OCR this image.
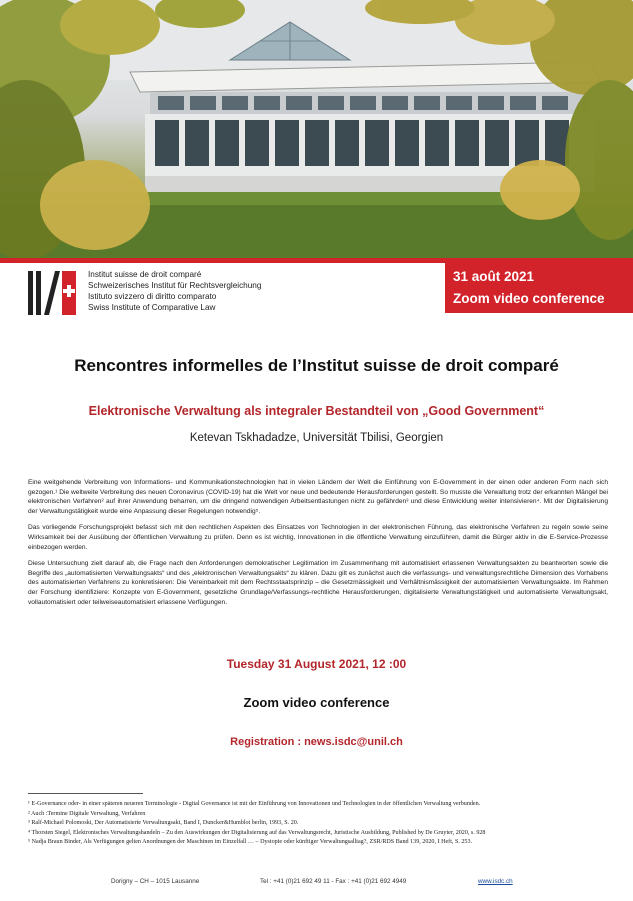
Institut suisse de droit comparé
Schweizerisches Institut für Rechtsvergleichung
Istituto svizzero di diritto comparato
Swiss Institute of Comparative Law
31 août 2021
Zoom video conference
Rencontres informelles de l’Institut suisse de droit comparé
Elektronische Verwaltung als integraler Bestandteil von „Good Government“
Ketevan Tskhadadze, Universität Tbilisi, Georgien

Eine weitgehende Verbreitung von Informations- und Kommunikationstechnologien hat in vielen Ländern der Welt die Einführung von E-Government in der einen oder anderen Form nach sich gezogen.¹ Die weltweite Verbreitung des neuen Coronavirus (COVID-19) hat die Welt vor neue und bedeutende Herausforderungen gestellt. So musste die Verwaltung trotz der erkannten Mängel bei elektronischen Verfahren² auf ihrer Anwendung beharren, um die dringend notwendigen Arbeitsentlastungen nicht zu gefährden³ und diese Entwicklung weiter intensivieren⁴. Mit der Digitalisierung der Verwaltungstätigkeit wurde eine Anpassung dieser Regelungen notwendig⁵.

Das vorliegende Forschungsprojekt befasst sich mit den rechtlichen Aspekten des Einsatzes von Technologien in der elektronischen Führung, das elektronische Verfahren zu regeln sowie seine Wirksamkeit bei der Ausübung der öffentlichen Verwaltung zu prüfen. Denn es ist wichtig, Innovationen in die öffentliche Verwaltung einzuführen, damit die Bürger aktiv in die E-Service-Prozesse einbezogen werden.

Diese Untersuchung zielt darauf ab, die Frage nach den Anforderungen demokratischer Legitimation im Zusammenhang mit automatisiert erlassenen Verwaltungsakten zu beantworten sowie die Begriffe des „automatisierten Verwaltungsakts“ und des „elektronischen Verwaltungsakts“ zu klären. Dazu gilt es zunächst auch die verfassungs- und verwaltungsrechtliche Dimension des Vorhabens des automatisierten Verfahrens zu konkretisieren: Die Vereinbarkeit mit dem Rechtsstaatsprinzip – die Gesetzmässigkeit und Verhältnismässigkeit der automatisierten Verwaltungsakte. Im Rahmen der Forschung identifiziere: Konzepte von E-Government, gesetzliche Grundlage/Verfassungs-rechtliche Herausforderungen, digitalisierte Verwaltungstätigkeit und automatisierte Verwaltungsakt, vollautomatisiert oder teilweiseautomatisiert erlassene Verfügungen.

Tuesday 31 August 2021, 12 :00
Zoom video conference
Registration : news.isdc@unil.ch
¹ E-Governance oder- in einer späteren neueren Terminologie - Digital Governance ist mit der Einführung von Innovationen und Technologien in der öffentlichen Verwaltung verbunden.
² Auch :Termine Digitale Verwaltung, Verfahren
³ Ralf-Michael Polomoski, Der Automatisierte Verwaltungsakt, Band I, Duncker&Humblot berlin, 1993, S. 20.
⁴ Thorsten Siegel, Elektronisches Verwaltungshandeln – Zu den Auswirkungen der Digitalisierung auf das Verwaltungsrecht, Juristische Ausbildung, Published by De Gruyter, 2020, s. 928
⁵ Nadja Braun Binder, Als Verfügungen gelten Anordnungen der Maschinen im Einzelfall … – Dystopie oder künftiger Verwaltungsalltag?, ZSR/RDS Band 139, 2020, I Heft, S. 253.
Dorigny – CH – 1015 Lausanne	Tel : +41 (0)21 692 49 11 - Fax : +41 (0)21 692 4949	www.isdc.ch
